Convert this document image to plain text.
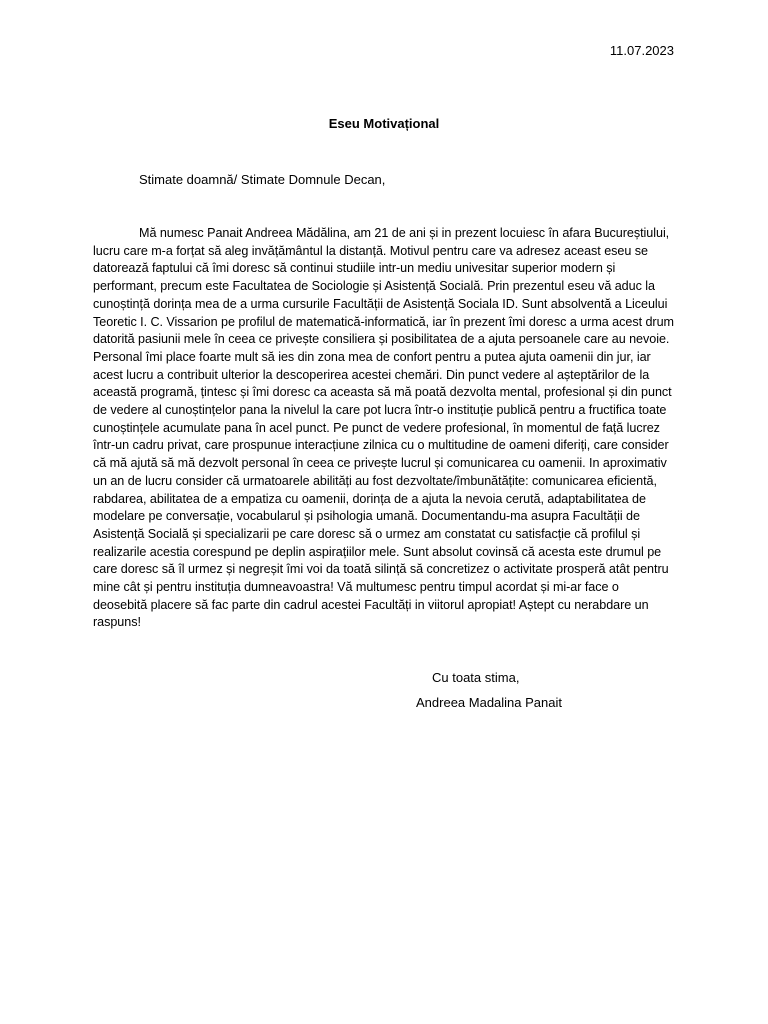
11.07.2023
Eseu Motivațional
Stimate doamnă/ Stimate Domnule Decan,

Mă numesc Panait Andreea Mădălina, am 21 de ani și in prezent locuiesc în afara Bucureștiului, lucru care m-a forțat să aleg invățământul la distanță. Motivul pentru care va adresez aceast eseu se datorează faptului că îmi doresc să continui studiile intr-un mediu univesitar superior modern și performant, precum este Facultatea de Sociologie și Asistență Socială. Prin prezentul eseu vă aduc la cunoștință dorința mea de a urma cursurile Facultății de Asistență Sociala ID. Sunt absolventă a Liceului Teoretic I. C. Vissarion pe profilul de matematică-informatică, iar în prezent îmi doresc a urma acest drum datorită pasiunii mele în ceea ce privește consiliera și posibilitatea de a ajuta persoanele care au nevoie. Personal îmi place foarte mult să ies din zona mea de confort pentru a putea ajuta oamenii din jur, iar acest lucru a contribuit ulterior la descoperirea acestei chemări. Din punct vedere al așteptărilor de la această programă, țintesc și îmi doresc ca aceasta să mă poată dezvolta mental, profesional și din punct de vedere al cunoștințelor pana la nivelul la care pot lucra într-o instituție publică pentru a fructifica toate cunoștințele acumulate pana în acel punct. Pe punct de vedere profesional, în momentul de față lucrez într-un cadru privat, care prospunue interacțiune zilnica cu o multitudine de oameni diferiți, care consider că mă ajută să mă dezvolt personal în ceea ce privește lucrul și comunicarea cu oamenii. In aproximativ un an de lucru consider că urmatoarele abilități au fost dezvoltate/îmbunătățite: comunicarea eficientă, rabdarea, abilitatea de a empatiza cu oamenii, dorința de a ajuta la nevoia cerută, adaptabilitatea de modelare pe conversație, vocabularul și psihologia umană. Documentandu-ma asupra Facultății de Asistență Socială și specializarii pe care doresc să o urmez am constatat cu satisfacție că profilul și realizarile acestia corespund pe deplin aspirațiilor mele. Sunt absolut covinsă că acesta este drumul pe care doresc să îl urmez și negreșit îmi voi da toată silință să concretizez o activitate prosperă atât pentru mine cât și pentru instituția dumneavoastra! Vă multumesc pentru timpul acordat și mi-ar face o deosebită placere să fac parte din cadrul acestei Facultăți in viitorul apropiat! Aștept cu nerabdare un raspuns!

Cu toata stima,
Andreea Madalina Panait
